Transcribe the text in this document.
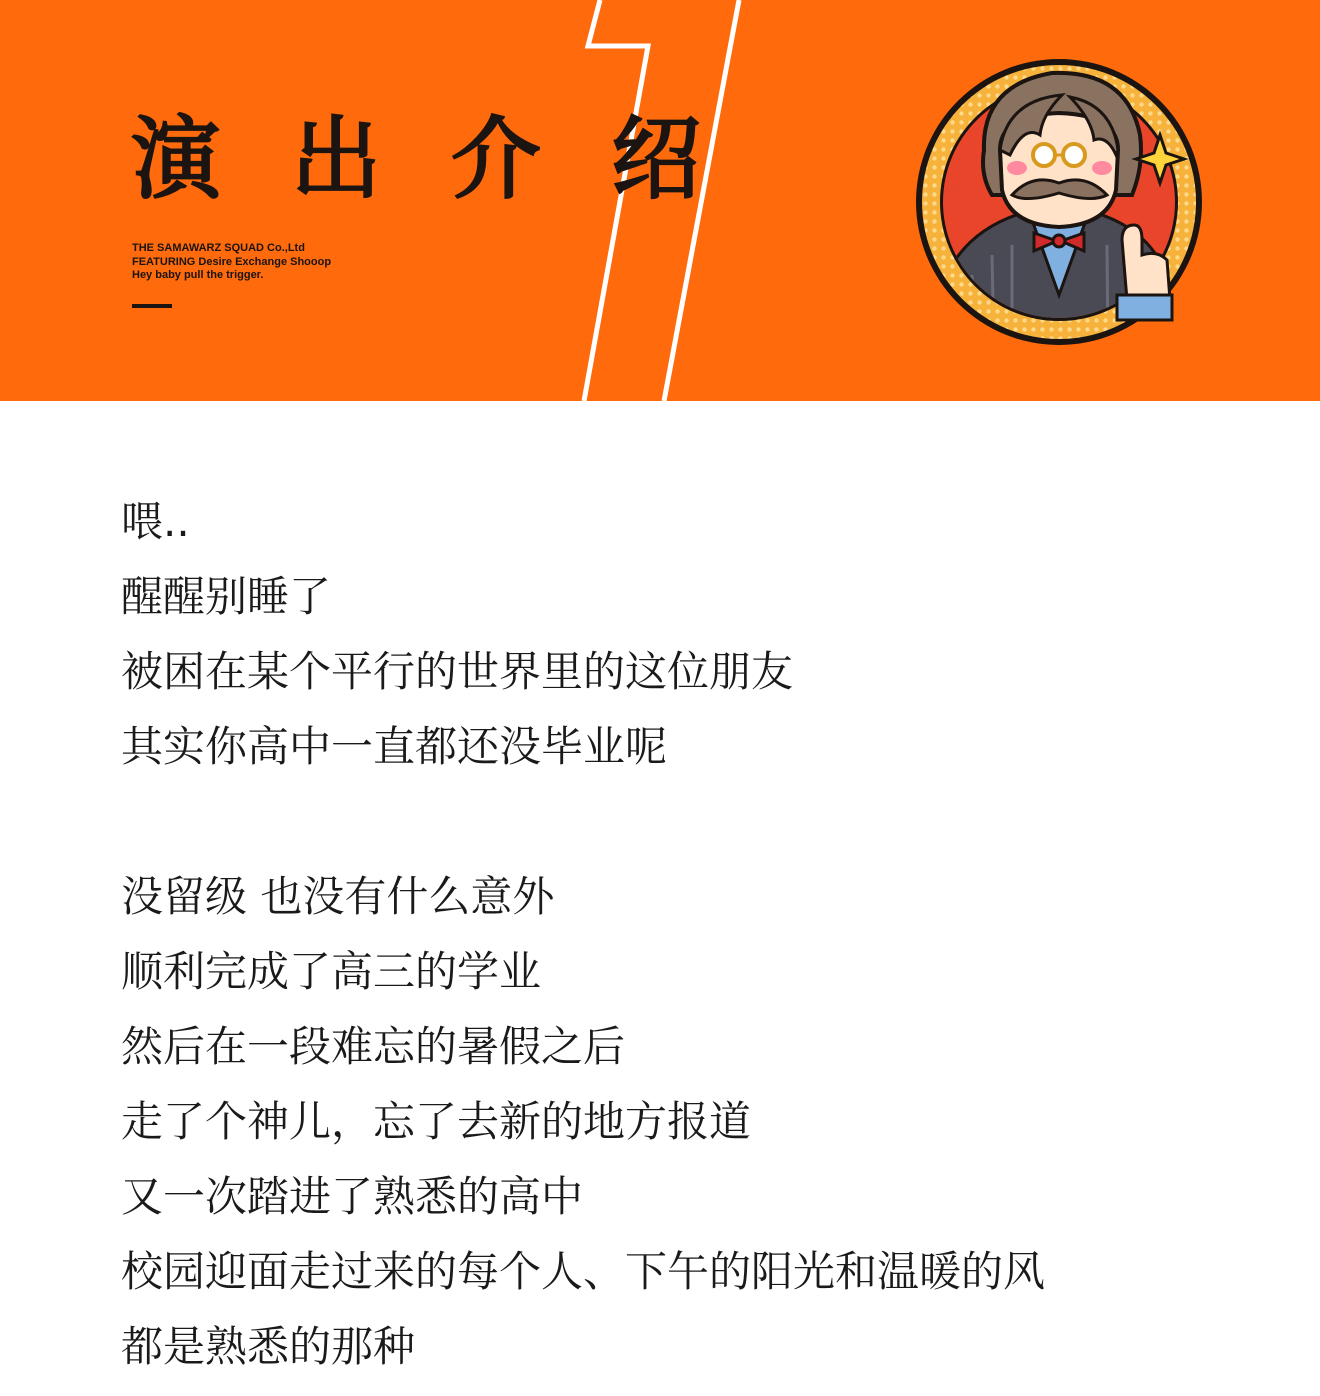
演出介绍
THE SAMAWARZ SQUAD Co.,Ltd
FEATURING Desire Exchange Shooop
Hey baby pull the trigger.
喂..
醒醒别睡了
被困在某个平行的世界里的这位朋友
其实你高中一直都还没毕业呢
没留级 也没有什么意外
顺利完成了高三的学业
然后在一段难忘的暑假之后
走了个神儿，忘了去新的地方报道
又一次踏进了熟悉的高中
校园迎面走过来的每个人、下午的阳光和温暖的风
都是熟悉的那种
